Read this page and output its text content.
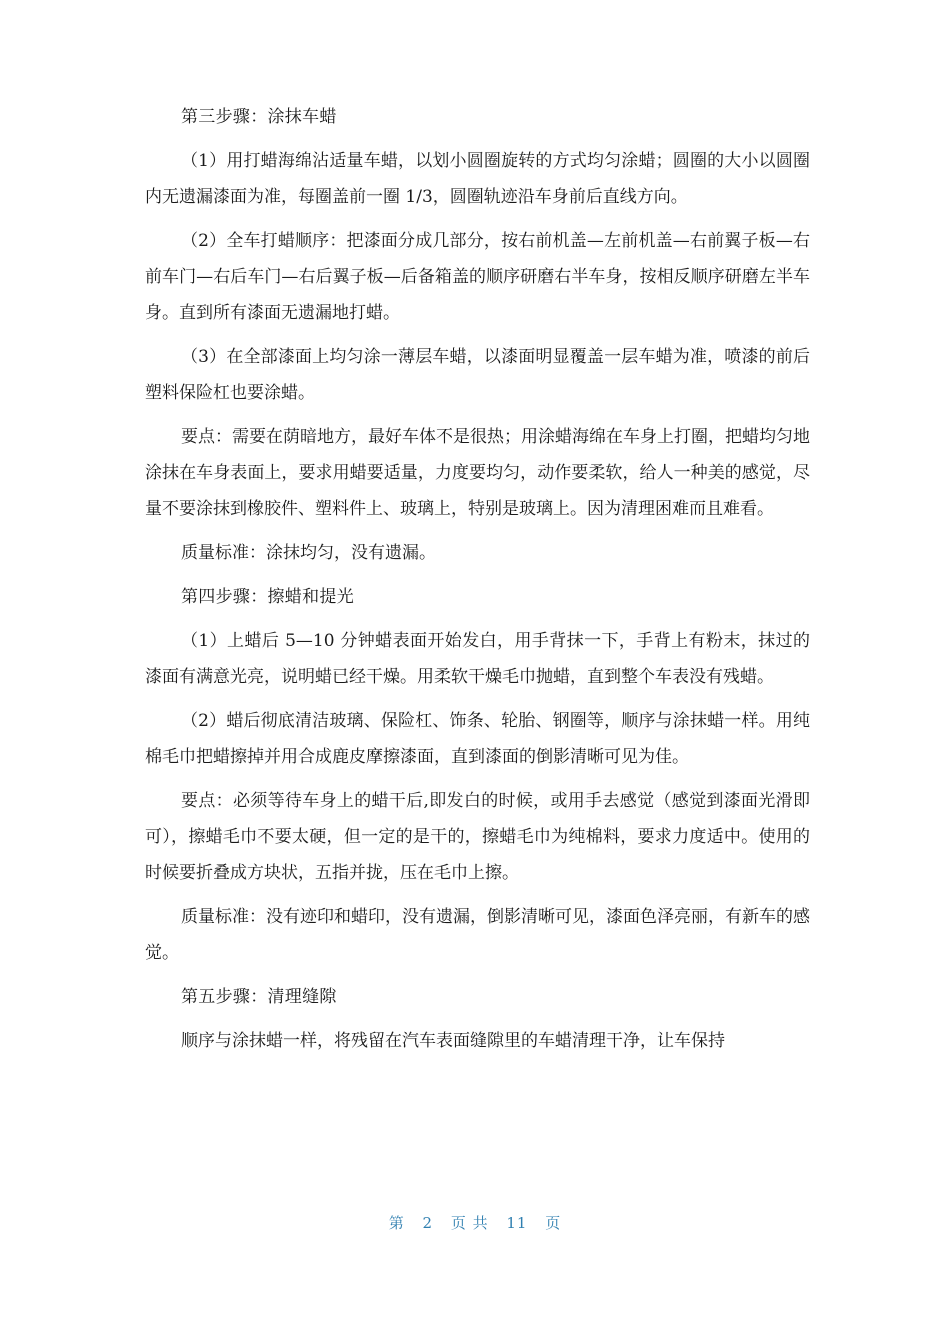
第三步骤：涂抹车蜡

（1）用打蜡海绵沾适量车蜡，以划小圆圈旋转的方式均匀涂蜡；圆圈的大小以圆圈内无遗漏漆面为准，每圈盖前一圈 1/3，圆圈轨迹沿车身前后直线方向。

（2）全车打蜡顺序：把漆面分成几部分，按右前机盖—左前机盖—右前翼子板—右前车门—右后车门—右后翼子板—后备箱盖的顺序研磨右半车身，按相反顺序研磨左半车身。直到所有漆面无遗漏地打蜡。

（3）在全部漆面上均匀涂一薄层车蜡，以漆面明显覆盖一层车蜡为准，喷漆的前后塑料保险杠也要涂蜡。

要点：需要在荫暗地方，最好车体不是很热；用涂蜡海绵在车身上打圈，把蜡均匀地涂抹在车身表面上，要求用蜡要适量，力度要均匀，动作要柔软，给人一种美的感觉，尽量不要涂抹到橡胶件、塑料件上、玻璃上，特别是玻璃上。因为清理困难而且难看。

质量标准：涂抹均匀，没有遗漏。

第四步骤：擦蜡和提光

（1）上蜡后 5—10 分钟蜡表面开始发白，用手背抹一下，手背上有粉末，抹过的漆面有满意光亮，说明蜡已经干燥。用柔软干燥毛巾抛蜡，直到整个车表没有残蜡。

（2）蜡后彻底清洁玻璃、保险杠、饰条、轮胎、钢圈等，顺序与涂抹蜡一样。用纯棉毛巾把蜡擦掉并用合成鹿皮摩擦漆面，直到漆面的倒影清晰可见为佳。

要点：必须等待车身上的蜡干后,即发白的时候，或用手去感觉（感觉到漆面光滑即可），擦蜡毛巾不要太硬，但一定的是干的，擦蜡毛巾为纯棉料，要求力度适中。使用的时候要折叠成方块状，五指并拢，压在毛巾上擦。

质量标准：没有迹印和蜡印，没有遗漏，倒影清晰可见，漆面色泽亮丽，有新车的感觉。

第五步骤：清理缝隙

顺序与涂抹蜡一样，将残留在汽车表面缝隙里的车蜡清理干净，让车保持

第 2 页 共 11 页
